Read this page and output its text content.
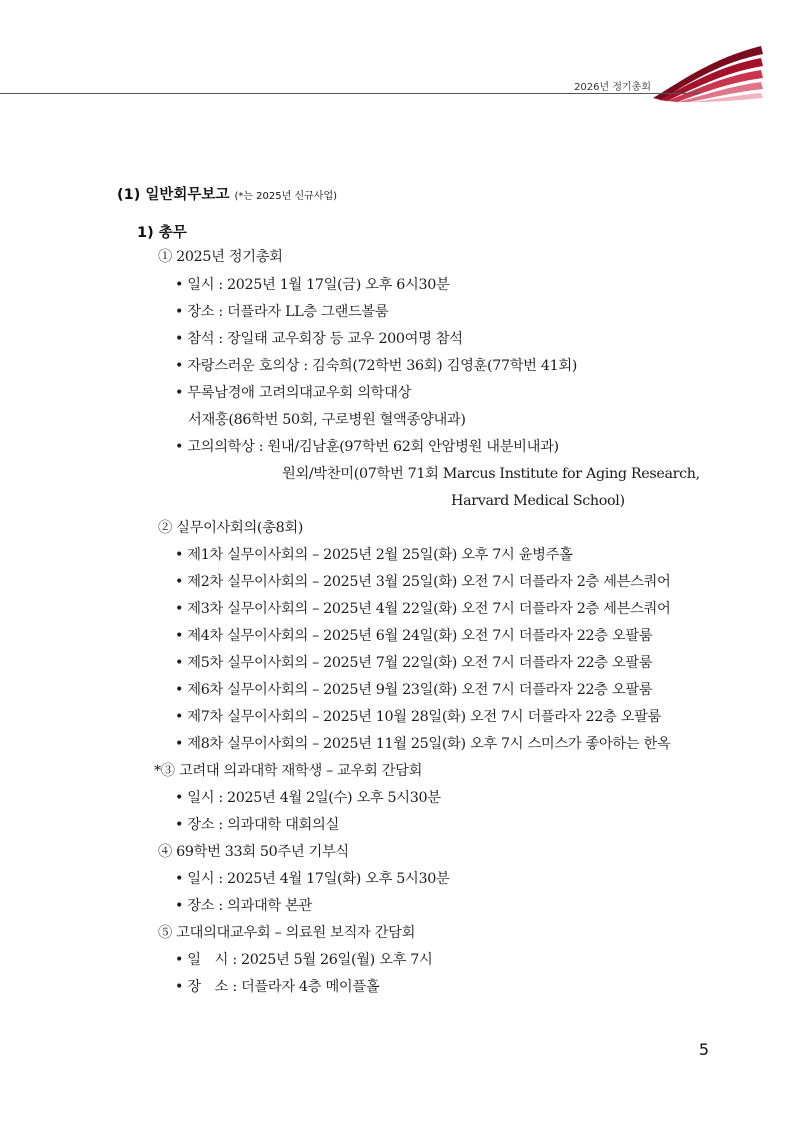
2026년 정기총회
(1) 일반회무보고 (*는 2025년 신규사업)
1) 총무
① 2025년 정기총회
• 일시 : 2025년 1월 17일(금) 오후 6시30분
• 장소 : 더플라자 LL층 그랜드볼룸
• 참석 : 장일태 교우회장 등 교우 200여명 참석
• 자랑스러운 호의상 : 김숙희(72학번 36회) 김영훈(77학번 41회)
• 무록남경애 고려의대교우회 의학대상
서재홍(86학번 50회, 구로병원 혈액종양내과)
• 고의의학상 : 원내/김남훈(97학번 62회 안암병원 내분비내과)
원외/박찬미(07학번 71회 Marcus Institute for Aging Research,
Harvard Medical School)
② 실무이사회의(총8회)
• 제1차 실무이사회의 – 2025년 2월 25일(화) 오후 7시 윤병주홀
• 제2차 실무이사회의 – 2025년 3월 25일(화) 오전 7시 더플라자 2층 세븐스쿼어
• 제3차 실무이사회의 – 2025년 4월 22일(화) 오전 7시 더플라자 2층 세븐스쿼어
• 제4차 실무이사회의 – 2025년 6월 24일(화) 오전 7시 더플라자 22층 오팔룸
• 제5차 실무이사회의 – 2025년 7월 22일(화) 오전 7시 더플라자 22층 오팔룸
• 제6차 실무이사회의 – 2025년 9월 23일(화) 오전 7시 더플라자 22층 오팔룸
• 제7차 실무이사회의 – 2025년 10월 28일(화) 오전 7시 더플라자 22층 오팔룸
• 제8차 실무이사회의 – 2025년 11월 25일(화) 오후 7시 스미스가 좋아하는 한옥
*③ 고려대 의과대학 재학생 – 교우회 간담회
• 일시 : 2025년 4월 2일(수) 오후 5시30분
• 장소 : 의과대학 대회의실
④ 69학번 33회 50주년 기부식
• 일시 : 2025년 4월 17일(화) 오후 5시30분
• 장소 : 의과대학 본관
⑤ 고대의대교우회 – 의료원 보직자 간담회
• 일　시 : 2025년 5월 26일(월) 오후 7시
• 장　소 : 더플라자 4층 메이플홀
5
